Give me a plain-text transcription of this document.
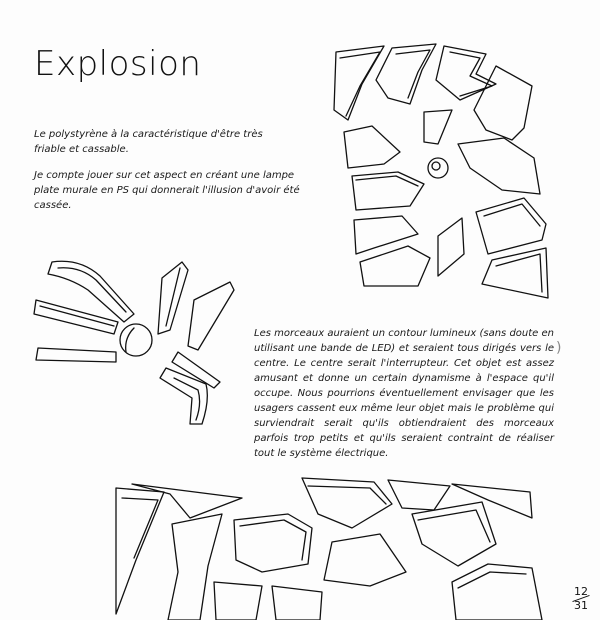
Explosion

Le polystyrène à la caractéristique d'être très friable et cassable.

Je compte jouer sur cet aspect en créant une lampe plate murale en PS qui donnerait l'illusion d'avoir été cassée.

Les morceaux auraient un contour lumineux (sans doute en utilisant une bande de LED) et seraient tous dirigés vers le centre. Le centre serait l'interrupteur. Cet objet est assez amusant et donne un certain dynamisme à l'espace qu'il occupe. Nous pourrions éventuellement envisager que les usagers cassent eux même leur objet mais le problème qui surviendrait serait qu'ils obtiendraient des morceaux parfois trop petits et qu'ils seraient contraint de réaliser tout le système électrique.

)
12
31
